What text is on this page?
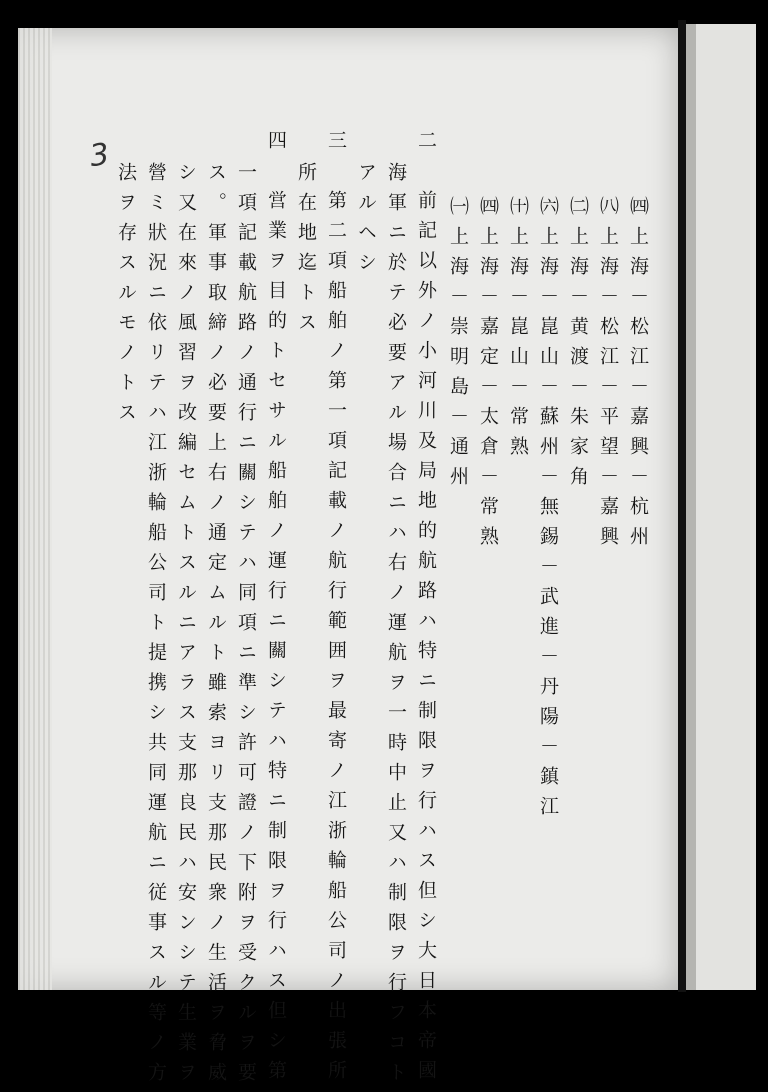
3
㈣上海－松江－嘉興－杭州
㈧上海－松江－平望－嘉興
㈡上海－黄渡－朱家角
㈥上海－崑山－蘇州－無錫－武進－丹陽－鎮江
㈩上海－崑山－常熟
㈣上海－嘉定－太倉－常熟
㈠上海－崇明島－通州
二　前記以外ノ小河川及局地的航路ハ特ニ制限ヲ行ハス但シ大日本帝國
海軍ニ於テ必要アル場合ニハ右ノ運航ヲ一時中止又ハ制限ヲ行フコト
アルヘシ
三　第二項船舶ノ第一項記載ノ航行範囲ヲ最寄ノ江浙輪船公司ノ出張所
所在地迄トス
四　営業ヲ目的トセサル船舶ノ運行ニ關シテハ特ニ制限ヲ行ハス但シ第
一項記載航路ノ通行ニ關シテハ同項ニ準シ許可證ノ下附ヲ受クルヲ要
ス。軍事取締ノ必要上右ノ通定ムルト雖索ヨリ支那民衆ノ生活ヲ脅威
シ又在來ノ風習ヲ改編セムトスルニアラス支那良民ハ安ンシテ生業ヲ
營ミ狀況ニ依リテハ江浙輪船公司ト提携シ共同運航ニ従事スル等ノ方
法ヲ存スルモノトス
